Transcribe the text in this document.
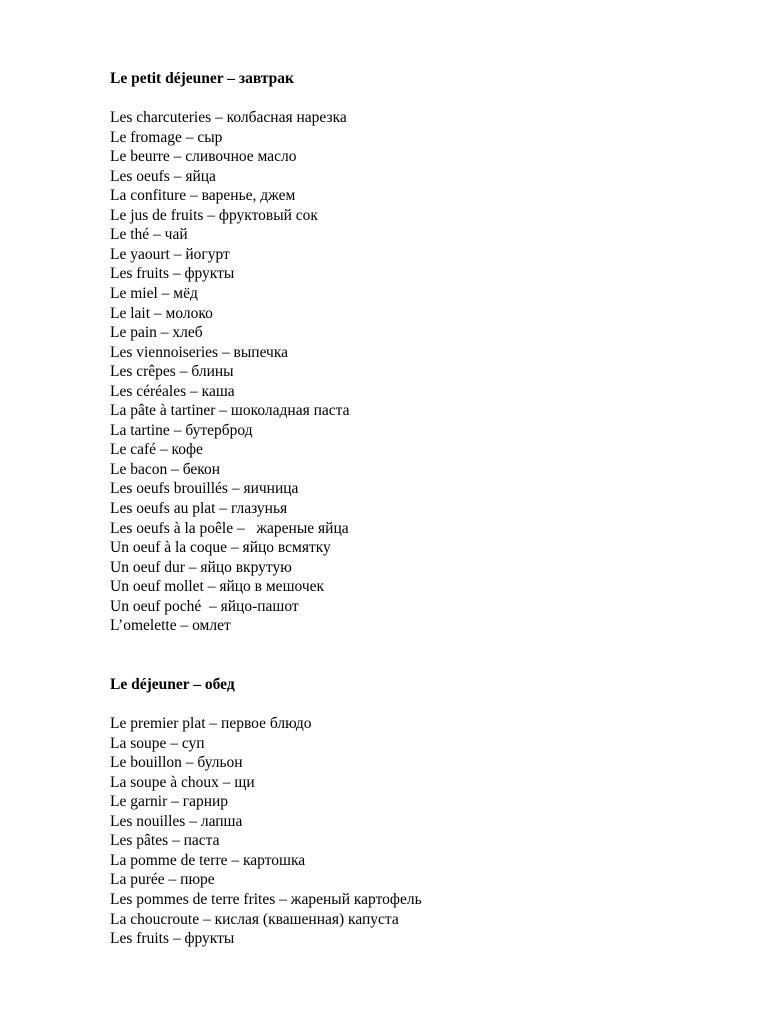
Le petit déjeuner – завтрак

Les charcuteries – колбасная нарезка
Le fromage – сыр
Le beurre – сливочное масло
Les oeufs – яйца
La confiture – варенье, джем
Le jus de fruits – фруктовый сок
Le thé – чай
Le yaourt – йогурт
Les fruits – фрукты
Le miel – мёд
Le lait – молоко
Le pain – хлеб
Les viennoiseries – выпечка
Les crêpes – блины
Les céréales – каша
La pâte à tartiner – шоколадная паста
La tartine – бутерброд
Le café – кофе
Le bacon – бекон
Les oeufs brouillés – яичница
Les oeufs au plat – глазунья
Les oeufs à la poêle –   жареные яйца
Un oeuf à la coque – яйцо всмятку
Un oeuf dur – яйцо вкрутую
Un oeuf mollet – яйцо в мешочек
Un oeuf poché  – яйцо-пашот
L’omelette – омлет

Le déjeuner – обед

Le premier plat – первое блюдо
La soupe – суп
Le bouillon – бульон
La soupe à choux – щи
Le garnir – гарнир
Les nouilles – лапша
Les pâtes – паста
La pomme de terre – картошка
La purée – пюре
Les pommes de terre frites – жареный картофель
La choucroute – кислая (квашенная) капуста
Les fruits – фрукты
